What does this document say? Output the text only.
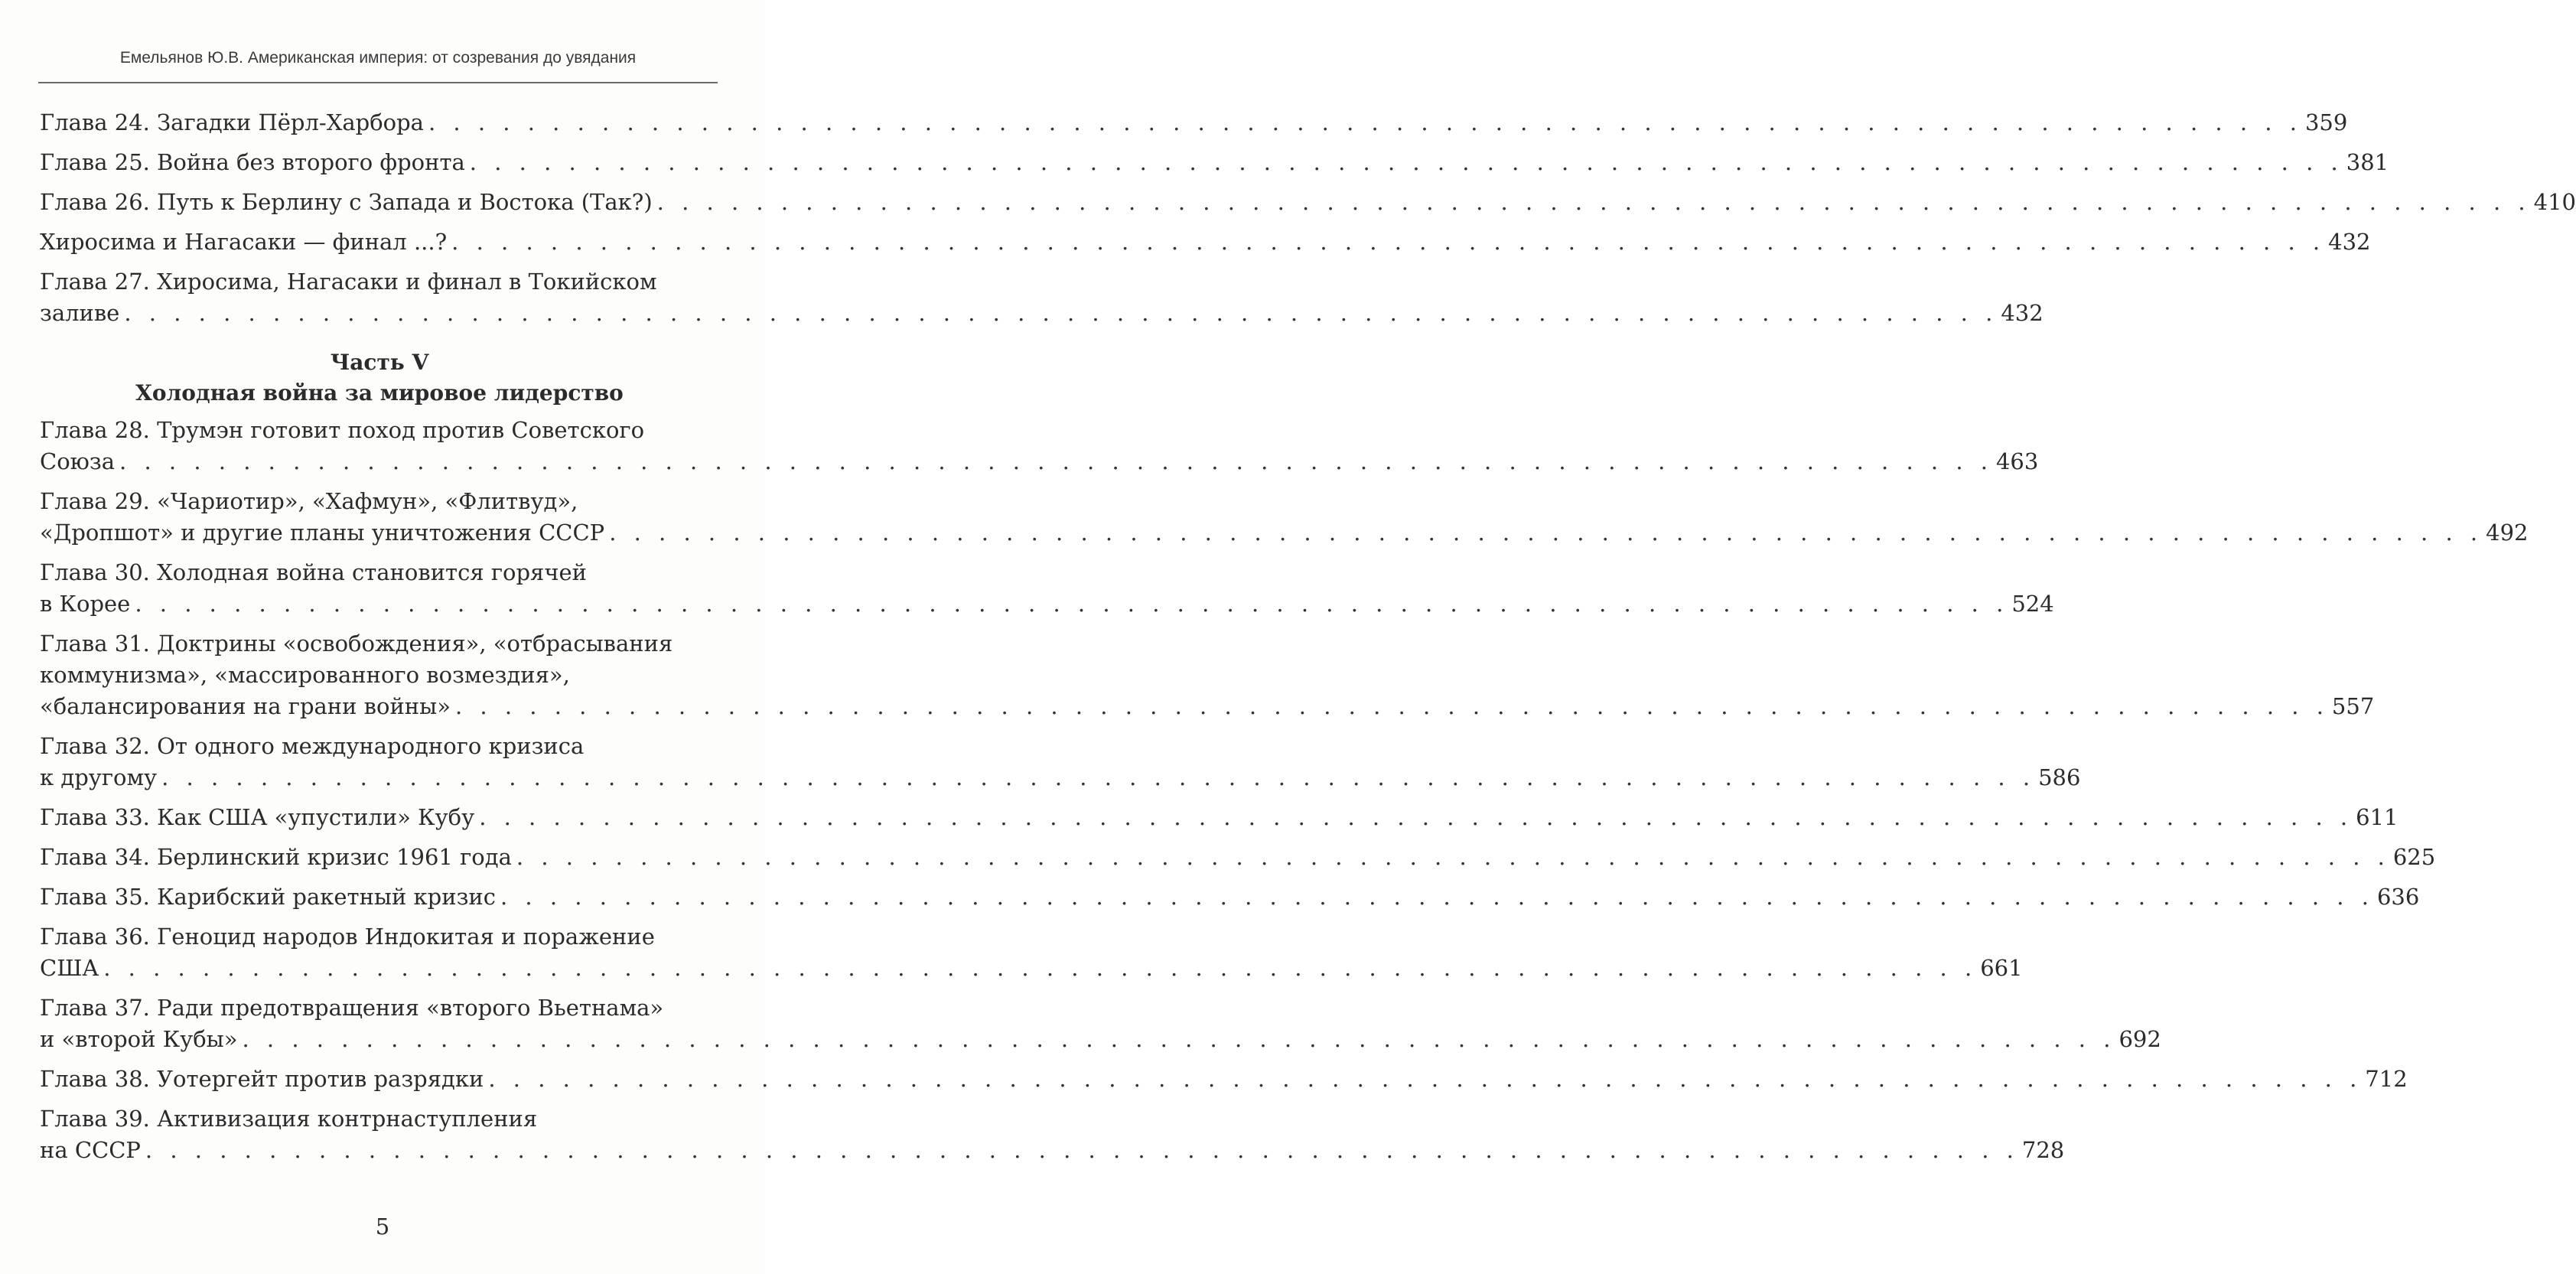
Емельянов Ю.В. Американская империя: от созревания до увядания
Глава 24. Загадки Пёрл-Харбора . . . . . . . . . . . . . . . . . . . . . . . . . . . . . . . . . . . . . . . . . . . . . . . . . . . . . . . . . . . . . . . . . . . . . . . . . . . . 359
Глава 25. Война без второго фронта . . . . . . . . . . . . . . . . . . . . . . . . . . . . . . . . . . . . . . . . . . . . . . . . . . . . . . . . . . . . . . . . . . . . . . . . . . . . 381
Глава 26. Путь к Берлину с Запада и Востока (Так?) . . . . . . . . . . . . . . . . . . . . . . . . . . . . . . . . . . . . . . . . . . . . . . . . . . . . . . . . . . . . . . . . . . . . . . . . . . . . 410
Хиросима и Нагасаки — финал ...? . . . . . . . . . . . . . . . . . . . . . . . . . . . . . . . . . . . . . . . . . . . . . . . . . . . . . . . . . . . . . . . . . . . . . . . . . . . . 432
Глава 27. Хиросима, Нагасаки и финал в Токийском
заливе . . . . . . . . . . . . . . . . . . . . . . . . . . . . . . . . . . . . . . . . . . . . . . . . . . . . . . . . . . . . . . . . . . . . . . . . . . . . 432
Часть V
Холодная война за мировое лидерство
Глава 28. Трумэн готовит поход против Советского
Союза . . . . . . . . . . . . . . . . . . . . . . . . . . . . . . . . . . . . . . . . . . . . . . . . . . . . . . . . . . . . . . . . . . . . . . . . . . . . 463
Глава 29. «Чариотир», «Хафмун», «Флитвуд»,
«Дропшот» и другие планы уничтожения СССР . . . . . . . . . . . . . . . . . . . . . . . . . . . . . . . . . . . . . . . . . . . . . . . . . . . . . . . . . . . . . . . . . . . . . . . . . . . . 492
Глава 30. Холодная война становится горячей
в Корее . . . . . . . . . . . . . . . . . . . . . . . . . . . . . . . . . . . . . . . . . . . . . . . . . . . . . . . . . . . . . . . . . . . . . . . . . . . . 524
Глава 31. Доктрины «освобождения», «отбрасывания
коммунизма», «массированного возмездия»,
«балансирования на грани войны» . . . . . . . . . . . . . . . . . . . . . . . . . . . . . . . . . . . . . . . . . . . . . . . . . . . . . . . . . . . . . . . . . . . . . . . . . . . . 557
Глава 32. От одного международного кризиса
к другому . . . . . . . . . . . . . . . . . . . . . . . . . . . . . . . . . . . . . . . . . . . . . . . . . . . . . . . . . . . . . . . . . . . . . . . . . . . . 586
Глава 33. Как США «упустили» Кубу . . . . . . . . . . . . . . . . . . . . . . . . . . . . . . . . . . . . . . . . . . . . . . . . . . . . . . . . . . . . . . . . . . . . . . . . . . . . 611
Глава 34. Берлинский кризис 1961 года . . . . . . . . . . . . . . . . . . . . . . . . . . . . . . . . . . . . . . . . . . . . . . . . . . . . . . . . . . . . . . . . . . . . . . . . . . . . 625
Глава 35. Карибский ракетный кризис . . . . . . . . . . . . . . . . . . . . . . . . . . . . . . . . . . . . . . . . . . . . . . . . . . . . . . . . . . . . . . . . . . . . . . . . . . . . 636
Глава 36. Геноцид народов Индокитая и поражение
США . . . . . . . . . . . . . . . . . . . . . . . . . . . . . . . . . . . . . . . . . . . . . . . . . . . . . . . . . . . . . . . . . . . . . . . . . . . . 661
Глава 37. Ради предотвращения «второго Вьетнама»
и «второй Кубы» . . . . . . . . . . . . . . . . . . . . . . . . . . . . . . . . . . . . . . . . . . . . . . . . . . . . . . . . . . . . . . . . . . . . . . . . . . . . 692
Глава 38. Уотергейт против разрядки . . . . . . . . . . . . . . . . . . . . . . . . . . . . . . . . . . . . . . . . . . . . . . . . . . . . . . . . . . . . . . . . . . . . . . . . . . . . 712
Глава 39. Активизация контрнаступления
на СССР . . . . . . . . . . . . . . . . . . . . . . . . . . . . . . . . . . . . . . . . . . . . . . . . . . . . . . . . . . . . . . . . . . . . . . . . . . . . 728
5
